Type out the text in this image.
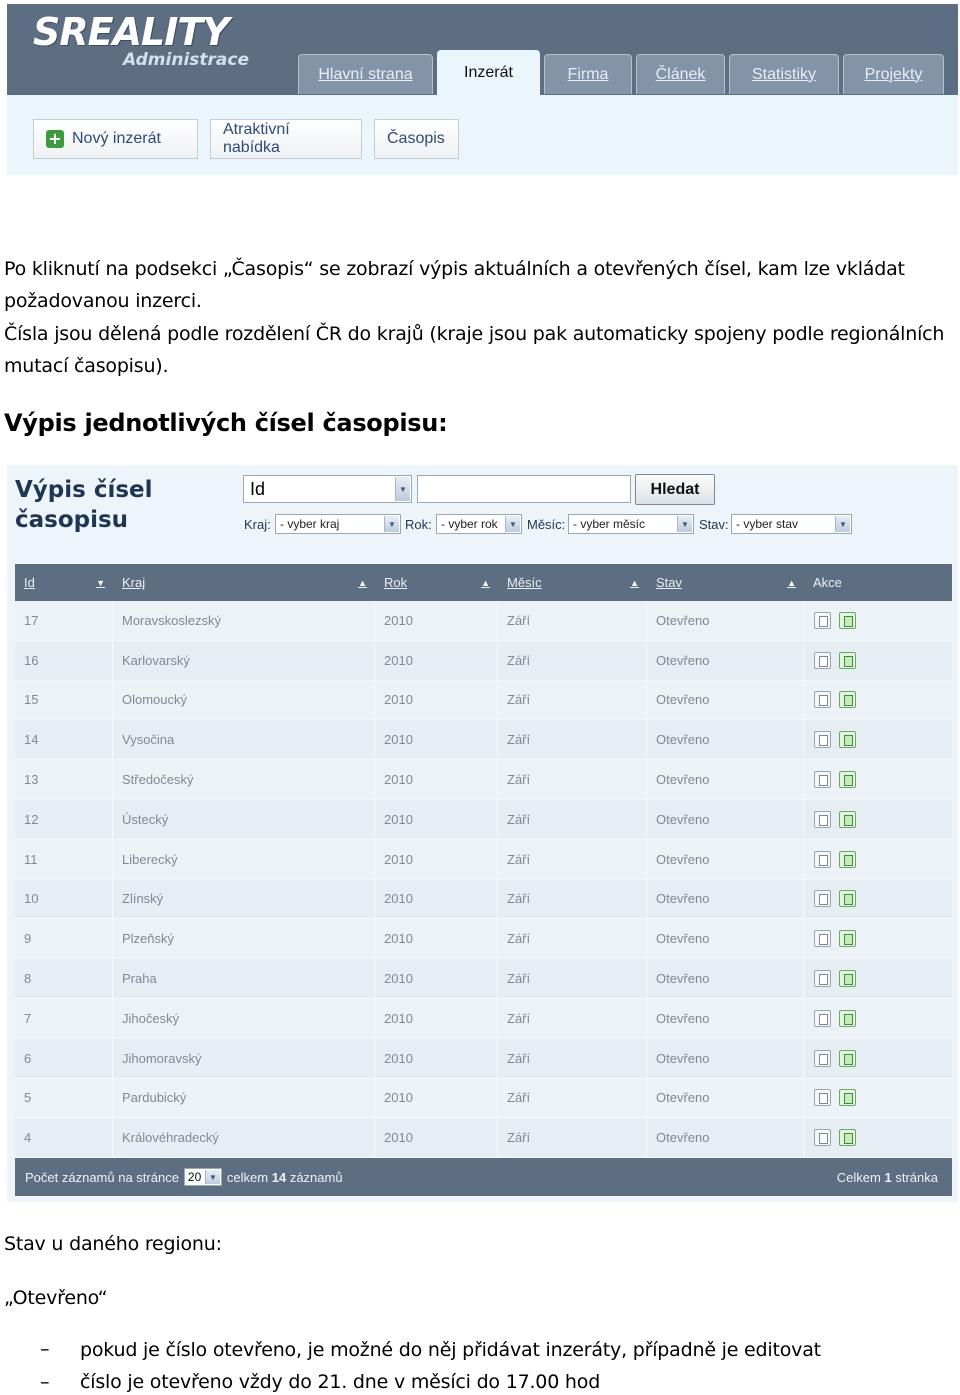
SREALITY
Administrace
Hlavní strana	Inzerát	Firma	Článek	Statistiky	Projekty
+ Nový inzerát
Atraktivní nabídka
Časopis
Po kliknutí na podsekci „Časopis“ se zobrazí výpis aktuálních a otevřených čísel, kam lze vkládat
požadovanou inzerci.
Čísla jsou dělená podle rozdělení ČR do krajů (kraje jsou pak automaticky spojeny podle regionálních
mutací časopisu).
Výpis jednotlivých čísel časopisu:
Výpis čísel
časopisu
Id	▼	Hledat
Kraj: - vyber kraj	▼ Rok: - vyber rok	▼ Měsíc: - vyber měsíc	▼ Stav: - vyber stav	▼
Id	▼ Kraj	▲ Rok	▲ Měsíc	▲ Stav	▲ Akce
17	Moravskoslezský	2010	Září	Otevřeno
16	Karlovarský	2010	Září	Otevřeno
15	Olomoucký	2010	Září	Otevřeno
14	Vysočina	2010	Září	Otevřeno
13	Středočeský	2010	Září	Otevřeno
12	Ústecký	2010	Září	Otevřeno
11	Liberecký	2010	Září	Otevřeno
10	Zlínský	2010	Září	Otevřeno
9	Plzeňský	2010	Září	Otevřeno
8	Praha	2010	Září	Otevřeno
7	Jihočeský	2010	Září	Otevřeno
6	Jihomoravský	2010	Září	Otevřeno
5	Pardubický	2010	Září	Otevřeno
4	Královéhradecký	2010	Září	Otevřeno
Počet záznamů na stránce 20 ▼ celkem
14
záznamů	Celkem 1 stránka
Stav u daného regionu:
„Otevřeno“
– pokud je číslo otevřeno, je možné do něj přidávat inzeráty, případně je editovat
– číslo je otevřeno vždy do 21. dne v měsíci do 17.00 hod
